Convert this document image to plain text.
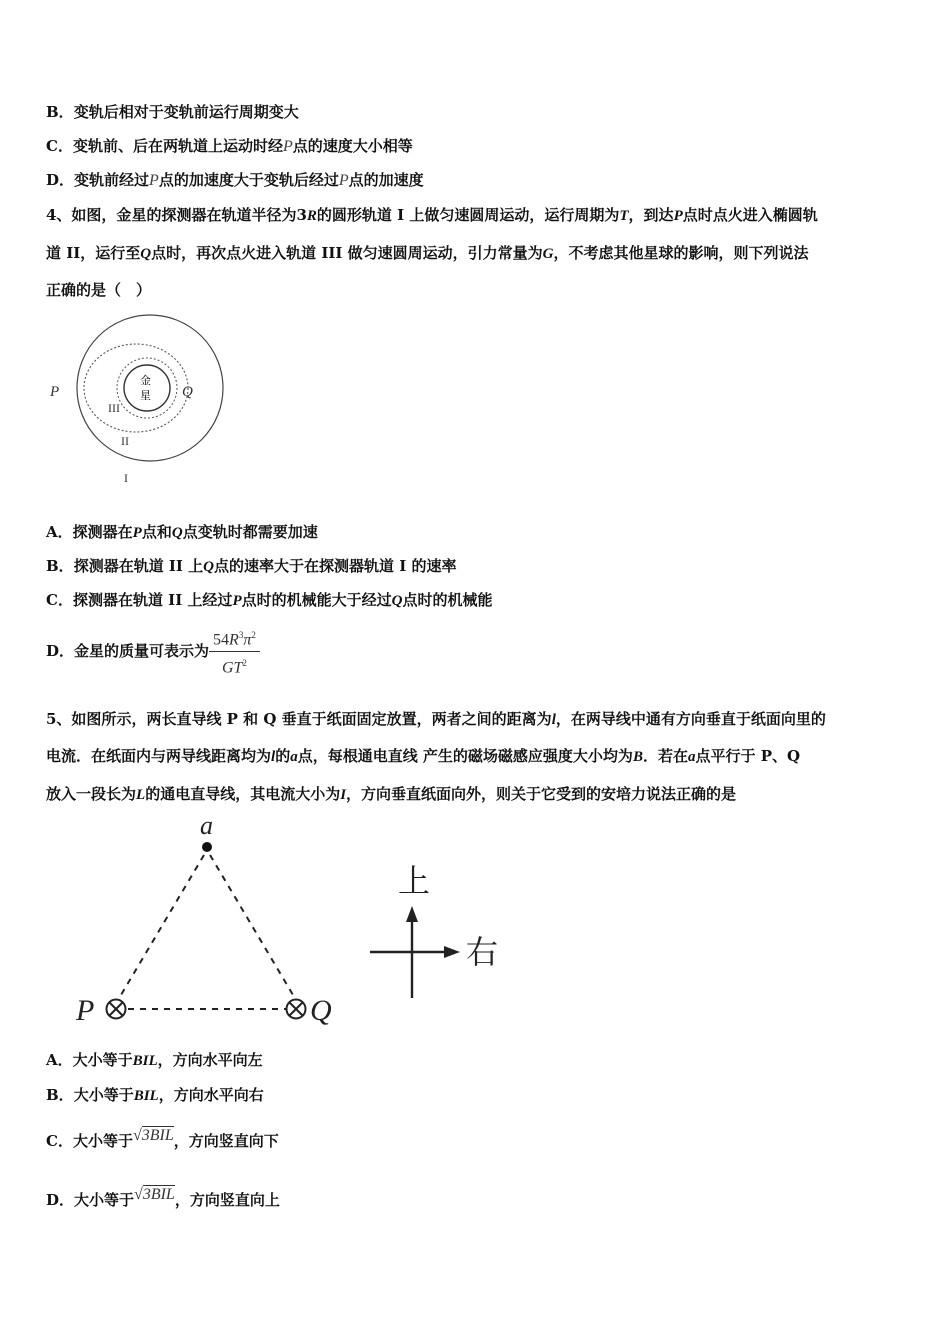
B．变轨后相对于变轨前运行周期变大
C．变轨前、后在两轨道上运动时经P点的速度大小相等
D．变轨前经过P点的加速度大于变轨后经过P点的加速度
4、如图，金星的探测器在轨道半径为3R的圆形轨道 I 上做匀速圆周运动，运行周期为T，到达P点时点火进入椭圆轨
道 II，运行至Q点时，再次点火进入轨道 III 做匀速圆周运动，引力常量为G，不考虑其他星球的影响，则下列说法
正确的是（　）
金
星
P	Q
III
II
I
A．探测器在P点和Q点变轨时都需要加速
B．探测器在轨道 II 上Q点的速率大于在探测器轨道 I 的速率
C．探测器在轨道 II 上经过P点时的机械能大于经过Q点时的机械能
D．金星的质量可表示为 $\frac{54R^3\pi^2}{GT^2}$
5、如图所示，两长直导线 P 和 Q 垂直于纸面固定放置，两者之间的距离为l，在两导线中通有方向垂直于纸面向里的
电流．在纸面内与两导线距离均为l的a点，每根通电直线 产生的磁场磁感应强度大小均为B．若在a点平行于 P、Q
放入一段长为L的通电直导线，其电流大小为I，方向垂直纸面向外，则关于它受到的安培力说法正确的是
a
P	Q
上
右
A．大小等于BIL，方向水平向左
B．大小等于BIL，方向水平向右
C．大小等于√3BIL，方向竖直向下
D．大小等于√3BIL，方向竖直向上
